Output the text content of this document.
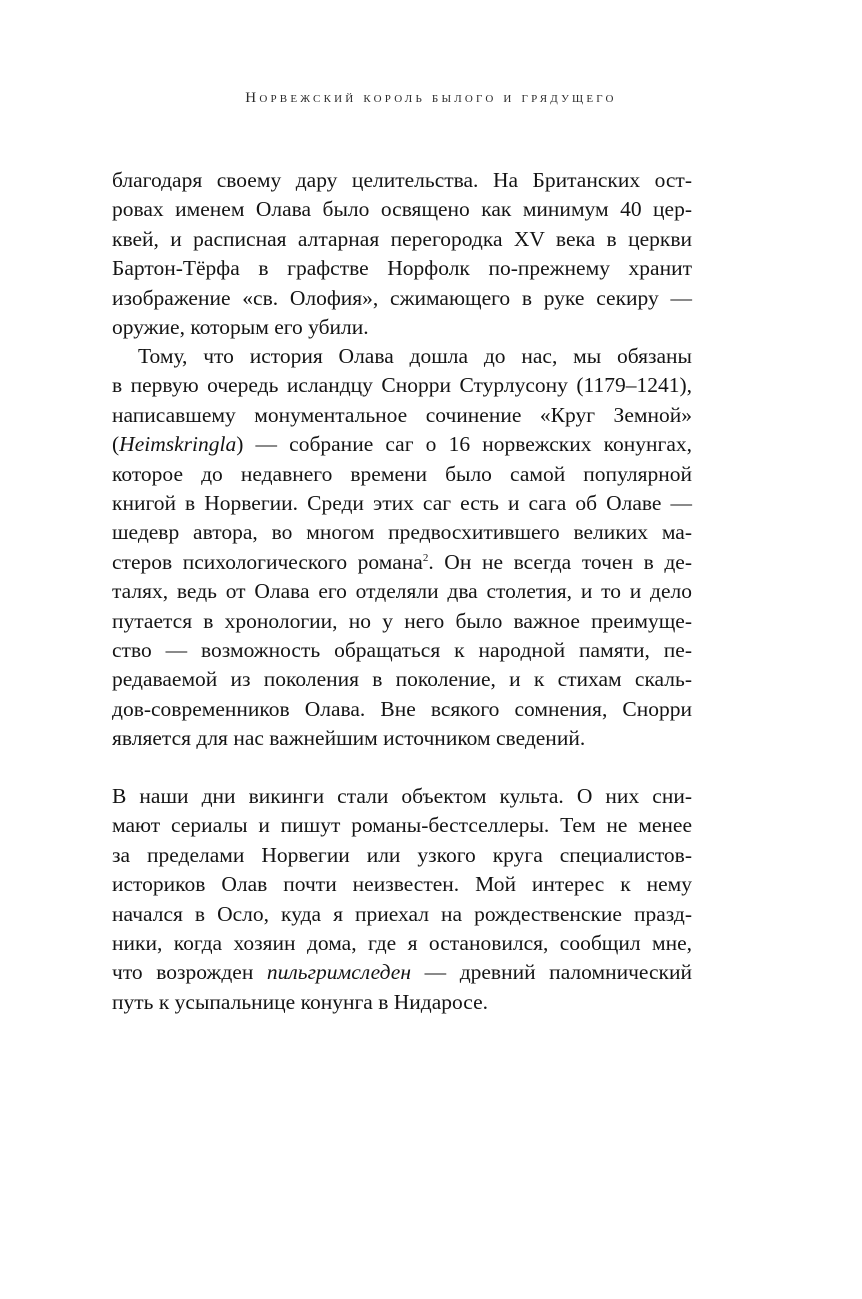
Норвежский король былого и грядущего
благодаря своему дару целительства. На Британских ост-
ровах именем Олава было освящено как минимум 40 цер-
квей, и расписная алтарная перегородка XV века в церкви
Бартон-Тёрфа в графстве Норфолк по-прежнему хранит
изображение «св. Олофия», сжимающего в руке секиру —
оружие, которым его убили.
Тому, что история Олава дошла до нас, мы обязаны
в первую очередь исландцу Снорри Стурлусону (1179–1241),
написавшему монументальное сочинение «Круг Земной»
(Heimskringla) — собрание саг о 16 норвежских конунгах,
которое до недавнего времени было самой популярной
книгой в Норвегии. Среди этих саг есть и сага об Олаве —
шедевр автора, во многом предвосхитившего великих ма-
стеров психологического романа$^2$. Он не всегда точен в де-
талях, ведь от Олава его отделяли два столетия, и то и дело
путается в хронологии, но у него было важное преимуще-
ство — возможность обращаться к народной памяти, пе-
редаваемой из поколения в поколение, и к стихам скаль-
дов-современников Олава. Вне всякого сомнения, Снорри
является для нас важнейшим источником сведений.
В наши дни викинги стали объектом культа. О них сни-
мают сериалы и пишут романы-бестселлеры. Тем не менее
за пределами Норвегии или узкого круга специалистов-
историков Олав почти неизвестен. Мой интерес к нему
начался в Осло, куда я приехал на рождественские празд-
ники, когда хозяин дома, где я остановился, сообщил мне,
что возрожден пильгримследен — древний паломнический
путь к усыпальнице конунга в Нидаросе.
